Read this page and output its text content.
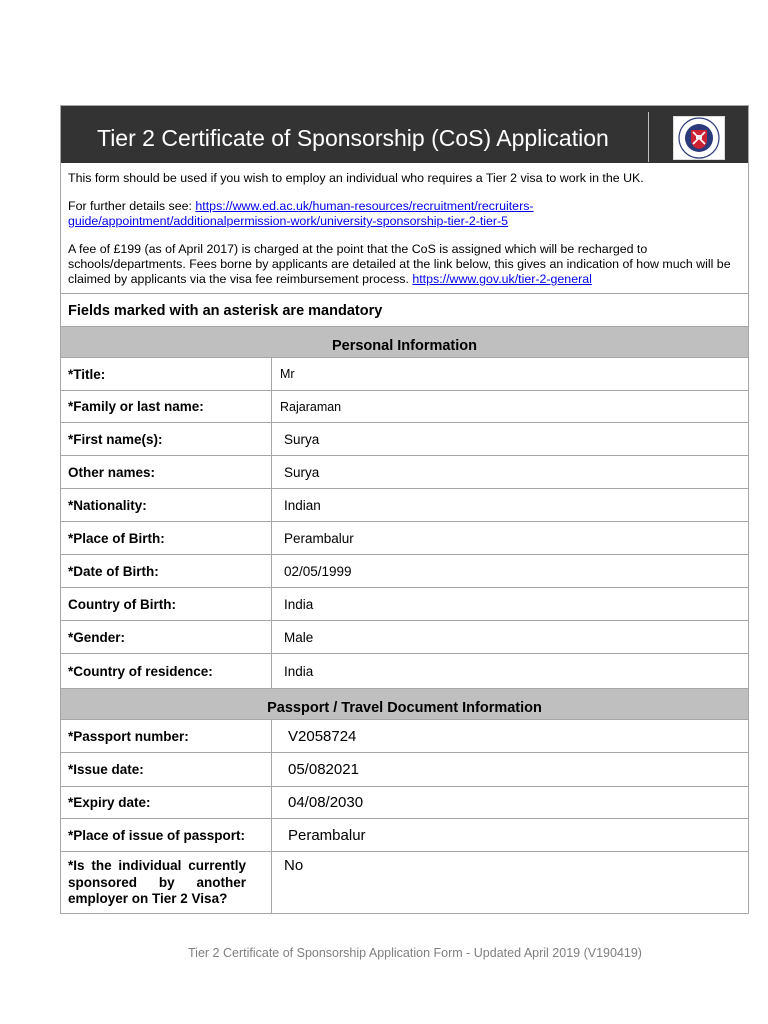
Tier 2 Certificate of Sponsorship (CoS) Application

This form should be used if you wish to employ an individual who requires a Tier 2 visa to work in the UK.

For further details see: https://www.ed.ac.uk/human-resources/recruitment/recruiters-guide/appointment/additionalpermission-work/university-sponsorship-tier-2-tier-5

A fee of £199 (as of April 2017) is charged at the point that the CoS is assigned which will be recharged to schools/departments. Fees borne by applicants are detailed at the link below, this gives an indication of how much will be claimed by applicants via the visa fee reimbursement process. https://www.gov.uk/tier-2-general

Fields marked with an asterisk are mandatory
Personal Information
*Title:	Mr
*Family or last name:	Rajaraman
*First name(s):	Surya
Other names:	Surya
*Nationality:	Indian
*Place of Birth:	Perambalur
*Date of Birth:	02/05/1999
Country of Birth:	India
*Gender:	Male
*Country of residence:	India
Passport / Travel Document Information
*Passport number:	V2058724
*Issue date:	05/082021
*Expiry date:	04/08/2030
*Place of issue of passport:	Perambalur
*Is the individual currently sponsored by another employer on Tier 2 Visa?
No
Tier 2 Certificate of Sponsorship Application Form - Updated April 2019 (V190419)
